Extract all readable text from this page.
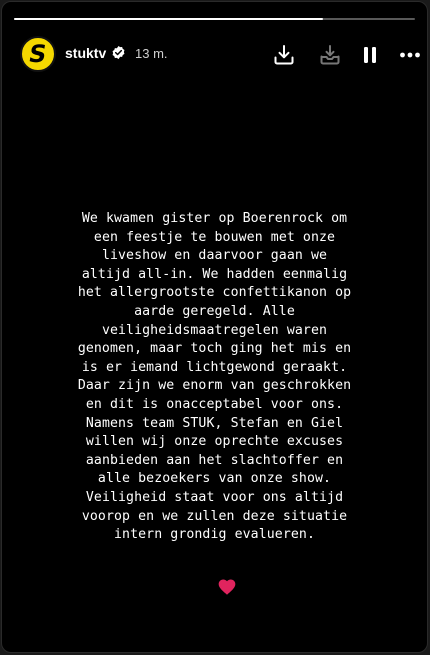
S stuktv 13 m.
We kwamen gister op Boerenrock om
een feestje te bouwen met onze
liveshow en daarvoor gaan we
altijd all-in. We hadden eenmalig
het allergrootste confettikanon op
aarde geregeld. Alle
veiligheidsmaatregelen waren
genomen, maar toch ging het mis en
is er iemand lichtgewond geraakt.
Daar zijn we enorm van geschrokken
en dit is onacceptabel voor ons.
Namens team STUK, Stefan en Giel
willen wij onze oprechte excuses
aanbieden aan het slachtoffer en
alle bezoekers van onze show.
Veiligheid staat voor ons altijd
voorop en we zullen deze situatie
intern grondig evalueren.
